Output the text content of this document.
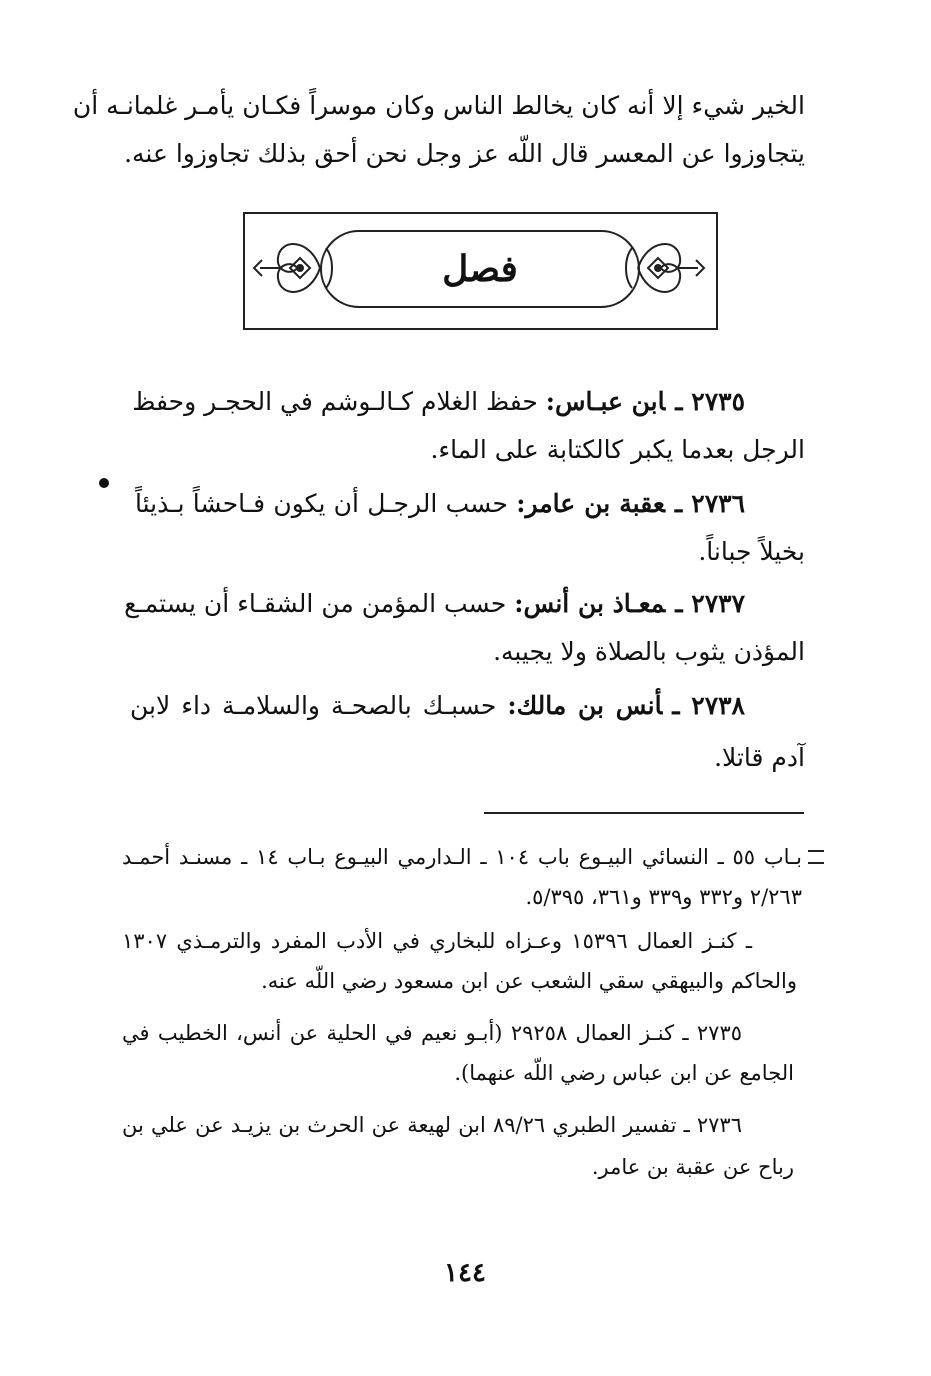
الخير شيء إلا أنه كان يخالط الناس وكان موسراً فكـان يأمـر غلمانـه أن
يتجاوزوا عن المعسر قال اللّه عز وجل نحن أحق بذلك تجاوزوا عنه.
فصل
٢٧٣٥ ـابن عبـاس: حفظ الغلام كـالـوشم في الحجـر وحفظ
الرجل بعدما يكبر كالكتابة على الماء.
٢٧٣٦ ـعقبة بن عامر: حسب الرجـل أن يكون فـاحشاً بـذيئاً
بخيلاً جباناً.
٢٧٣٧ ـمعـاذ بن أنس: حسب المؤمن من الشقـاء أن يستمـع
المؤذن يثوب بالصلاة ولا يجيبه.
٢٧٣٨ ـأنس بن مالك: حسبـك بالصحـة والسلامـة داء لابن
آدم قاتلا.
بـاب ٥٥ ـ النسائي البيـوع باب ١٠٤ ـ الـدارمي البيـوع بـاب ١٤ ـ مسنـد أحمـد
٢/٢٦٣ و٣٣٢ و٣٣٩ و٣٦١، ٥/٣٩٥.
ـ كنـز العمال ١٥٣٩٦ وعـزاه للبخاري في الأدب المفرد والترمـذي ١٣٠٧
والحاكم والبيهقي سقي الشعب عن ابن مسعود رضي اللّه عنه.
٢٧٣٥ ـ كنـز العمال ٢٩٢٥٨ (أبـو نعيم في الحلية عن أنس، الخطيب في
الجامع عن ابن عباس رضي اللّه عنهما).
٢٧٣٦ ـ تفسير الطبري ٨٩/٢٦ ابن لهيعة عن الحرث بن يزيـد عن علي بن
رباح عن عقبة بن عامر.
١٤٤
